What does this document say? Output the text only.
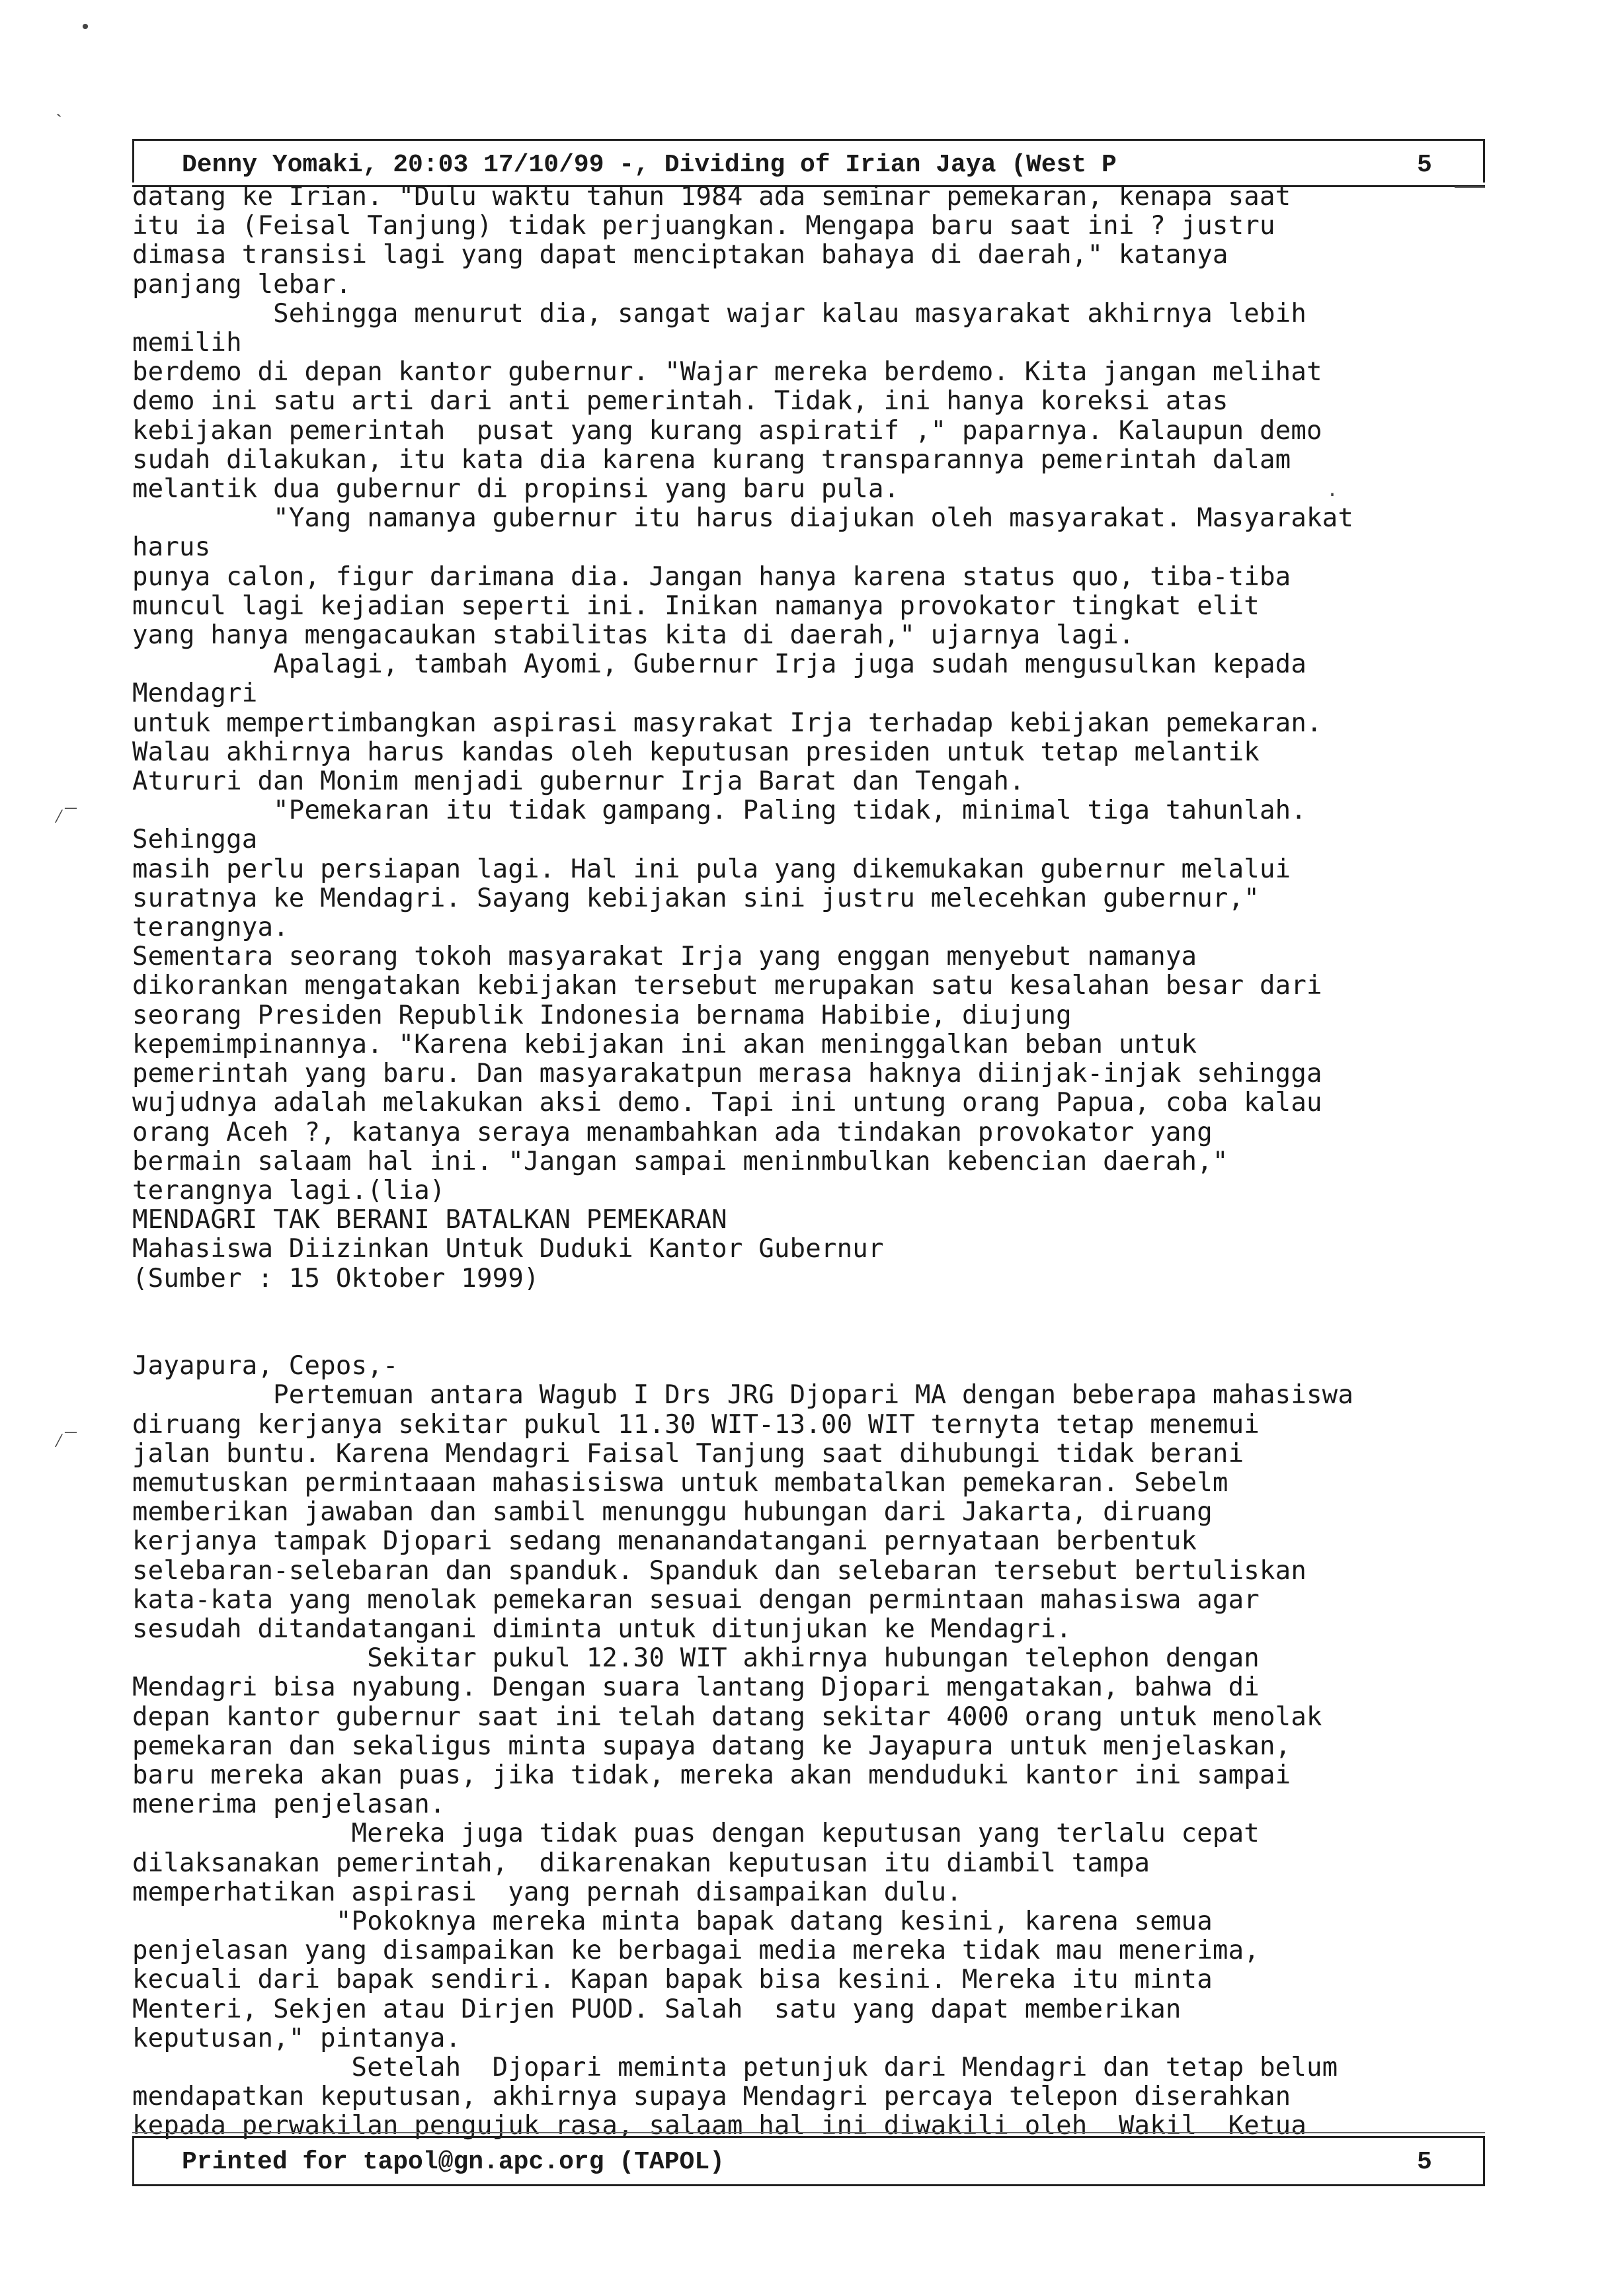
•
`
⁄‾
⁄‾
·
Denny Yomaki, 20:03 17/10/99 -, Dividing of Irian Jaya (West P	5
datang ke Irian. "Dulu waktu tahun 1984 ada seminar pemekaran, kenapa saat
itu ia (Feisal Tanjung) tidak perjuangkan. Mengapa baru saat ini ? justru
dimasa transisi lagi yang dapat menciptakan bahaya di daerah," katanya
panjang lebar.
Sehingga menurut dia, sangat wajar kalau masyarakat akhirnya lebih
memilih
berdemo di depan kantor gubernur. "Wajar mereka berdemo. Kita jangan melihat
demo ini satu arti dari anti pemerintah. Tidak, ini hanya koreksi atas
kebijakan pemerintah  pusat yang kurang aspiratif ," paparnya. Kalaupun demo
sudah dilakukan, itu kata dia karena kurang transparannya pemerintah dalam
melantik dua gubernur di propinsi yang baru pula.
"Yang namanya gubernur itu harus diajukan oleh masyarakat. Masyarakat
harus
punya calon, figur darimana dia. Jangan hanya karena status quo, tiba-tiba
muncul lagi kejadian seperti ini. Inikan namanya provokator tingkat elit
yang hanya mengacaukan stabilitas kita di daerah," ujarnya lagi.
Apalagi, tambah Ayomi, Gubernur Irja juga sudah mengusulkan kepada
Mendagri
untuk mempertimbangkan aspirasi masyrakat Irja terhadap kebijakan pemekaran.
Walau akhirnya harus kandas oleh keputusan presiden untuk tetap melantik
Atururi dan Monim menjadi gubernur Irja Barat dan Tengah.
"Pemekaran itu tidak gampang. Paling tidak, minimal tiga tahunlah.
Sehingga
masih perlu persiapan lagi. Hal ini pula yang dikemukakan gubernur melalui
suratnya ke Mendagri. Sayang kebijakan sini justru melecehkan gubernur,"
terangnya.
Sementara seorang tokoh masyarakat Irja yang enggan menyebut namanya
dikorankan mengatakan kebijakan tersebut merupakan satu kesalahan besar dari
seorang Presiden Republik Indonesia bernama Habibie, diujung
kepemimpinannya. "Karena kebijakan ini akan meninggalkan beban untuk
pemerintah yang baru. Dan masyarakatpun merasa haknya diinjak-injak sehingga
wujudnya adalah melakukan aksi demo. Tapi ini untung orang Papua, coba kalau
orang Aceh ?, katanya seraya menambahkan ada tindakan provokator yang
bermain salaam hal ini. "Jangan sampai meninmbulkan kebencian daerah,"
terangnya lagi.(lia)
MENDAGRI TAK BERANI BATALKAN PEMEKARAN
Mahasiswa Diizinkan Untuk Duduki Kantor Gubernur
(Sumber : 15 Oktober 1999)

Jayapura, Cepos,-
Pertemuan antara Wagub I Drs JRG Djopari MA dengan beberapa mahasiswa
diruang kerjanya sekitar pukul 11.30 WIT-13.00 WIT ternyta tetap menemui
jalan buntu. Karena Mendagri Faisal Tanjung saat dihubungi tidak berani
memutuskan permintaaan mahasisiswa untuk membatalkan pemekaran. Sebelm
memberikan jawaban dan sambil menunggu hubungan dari Jakarta, diruang
kerjanya tampak Djopari sedang menanandatangani pernyataan berbentuk
selebaran-selebaran dan spanduk. Spanduk dan selebaran tersebut bertuliskan
kata-kata yang menolak pemekaran sesuai dengan permintaan mahasiswa agar
sesudah ditandatangani diminta untuk ditunjukan ke Mendagri.
Sekitar pukul 12.30 WIT akhirnya hubungan telephon dengan
Mendagri bisa nyabung. Dengan suara lantang Djopari mengatakan, bahwa di
depan kantor gubernur saat ini telah datang sekitar 4000 orang untuk menolak
pemekaran dan sekaligus minta supaya datang ke Jayapura untuk menjelaskan,
baru mereka akan puas, jika tidak, mereka akan menduduki kantor ini sampai
menerima penjelasan.
Mereka juga tidak puas dengan keputusan yang terlalu cepat
dilaksanakan pemerintah,  dikarenakan keputusan itu diambil tampa
memperhatikan aspirasi  yang pernah disampaikan dulu.
"Pokoknya mereka minta bapak datang kesini, karena semua
penjelasan yang disampaikan ke berbagai media mereka tidak mau menerima,
kecuali dari bapak sendiri. Kapan bapak bisa kesini. Mereka itu minta
Menteri, Sekjen atau Dirjen PUOD. Salah  satu yang dapat memberikan
keputusan," pintanya.
Setelah  Djopari meminta petunjuk dari Mendagri dan tetap belum
mendapatkan keputusan, akhirnya supaya Mendagri percaya telepon diserahkan
kepada perwakilan pengujuk rasa, salaam hal ini diwakili oleh  Wakil  Ketua
Printed for tapol@gn.apc.org (TAPOL)	5
